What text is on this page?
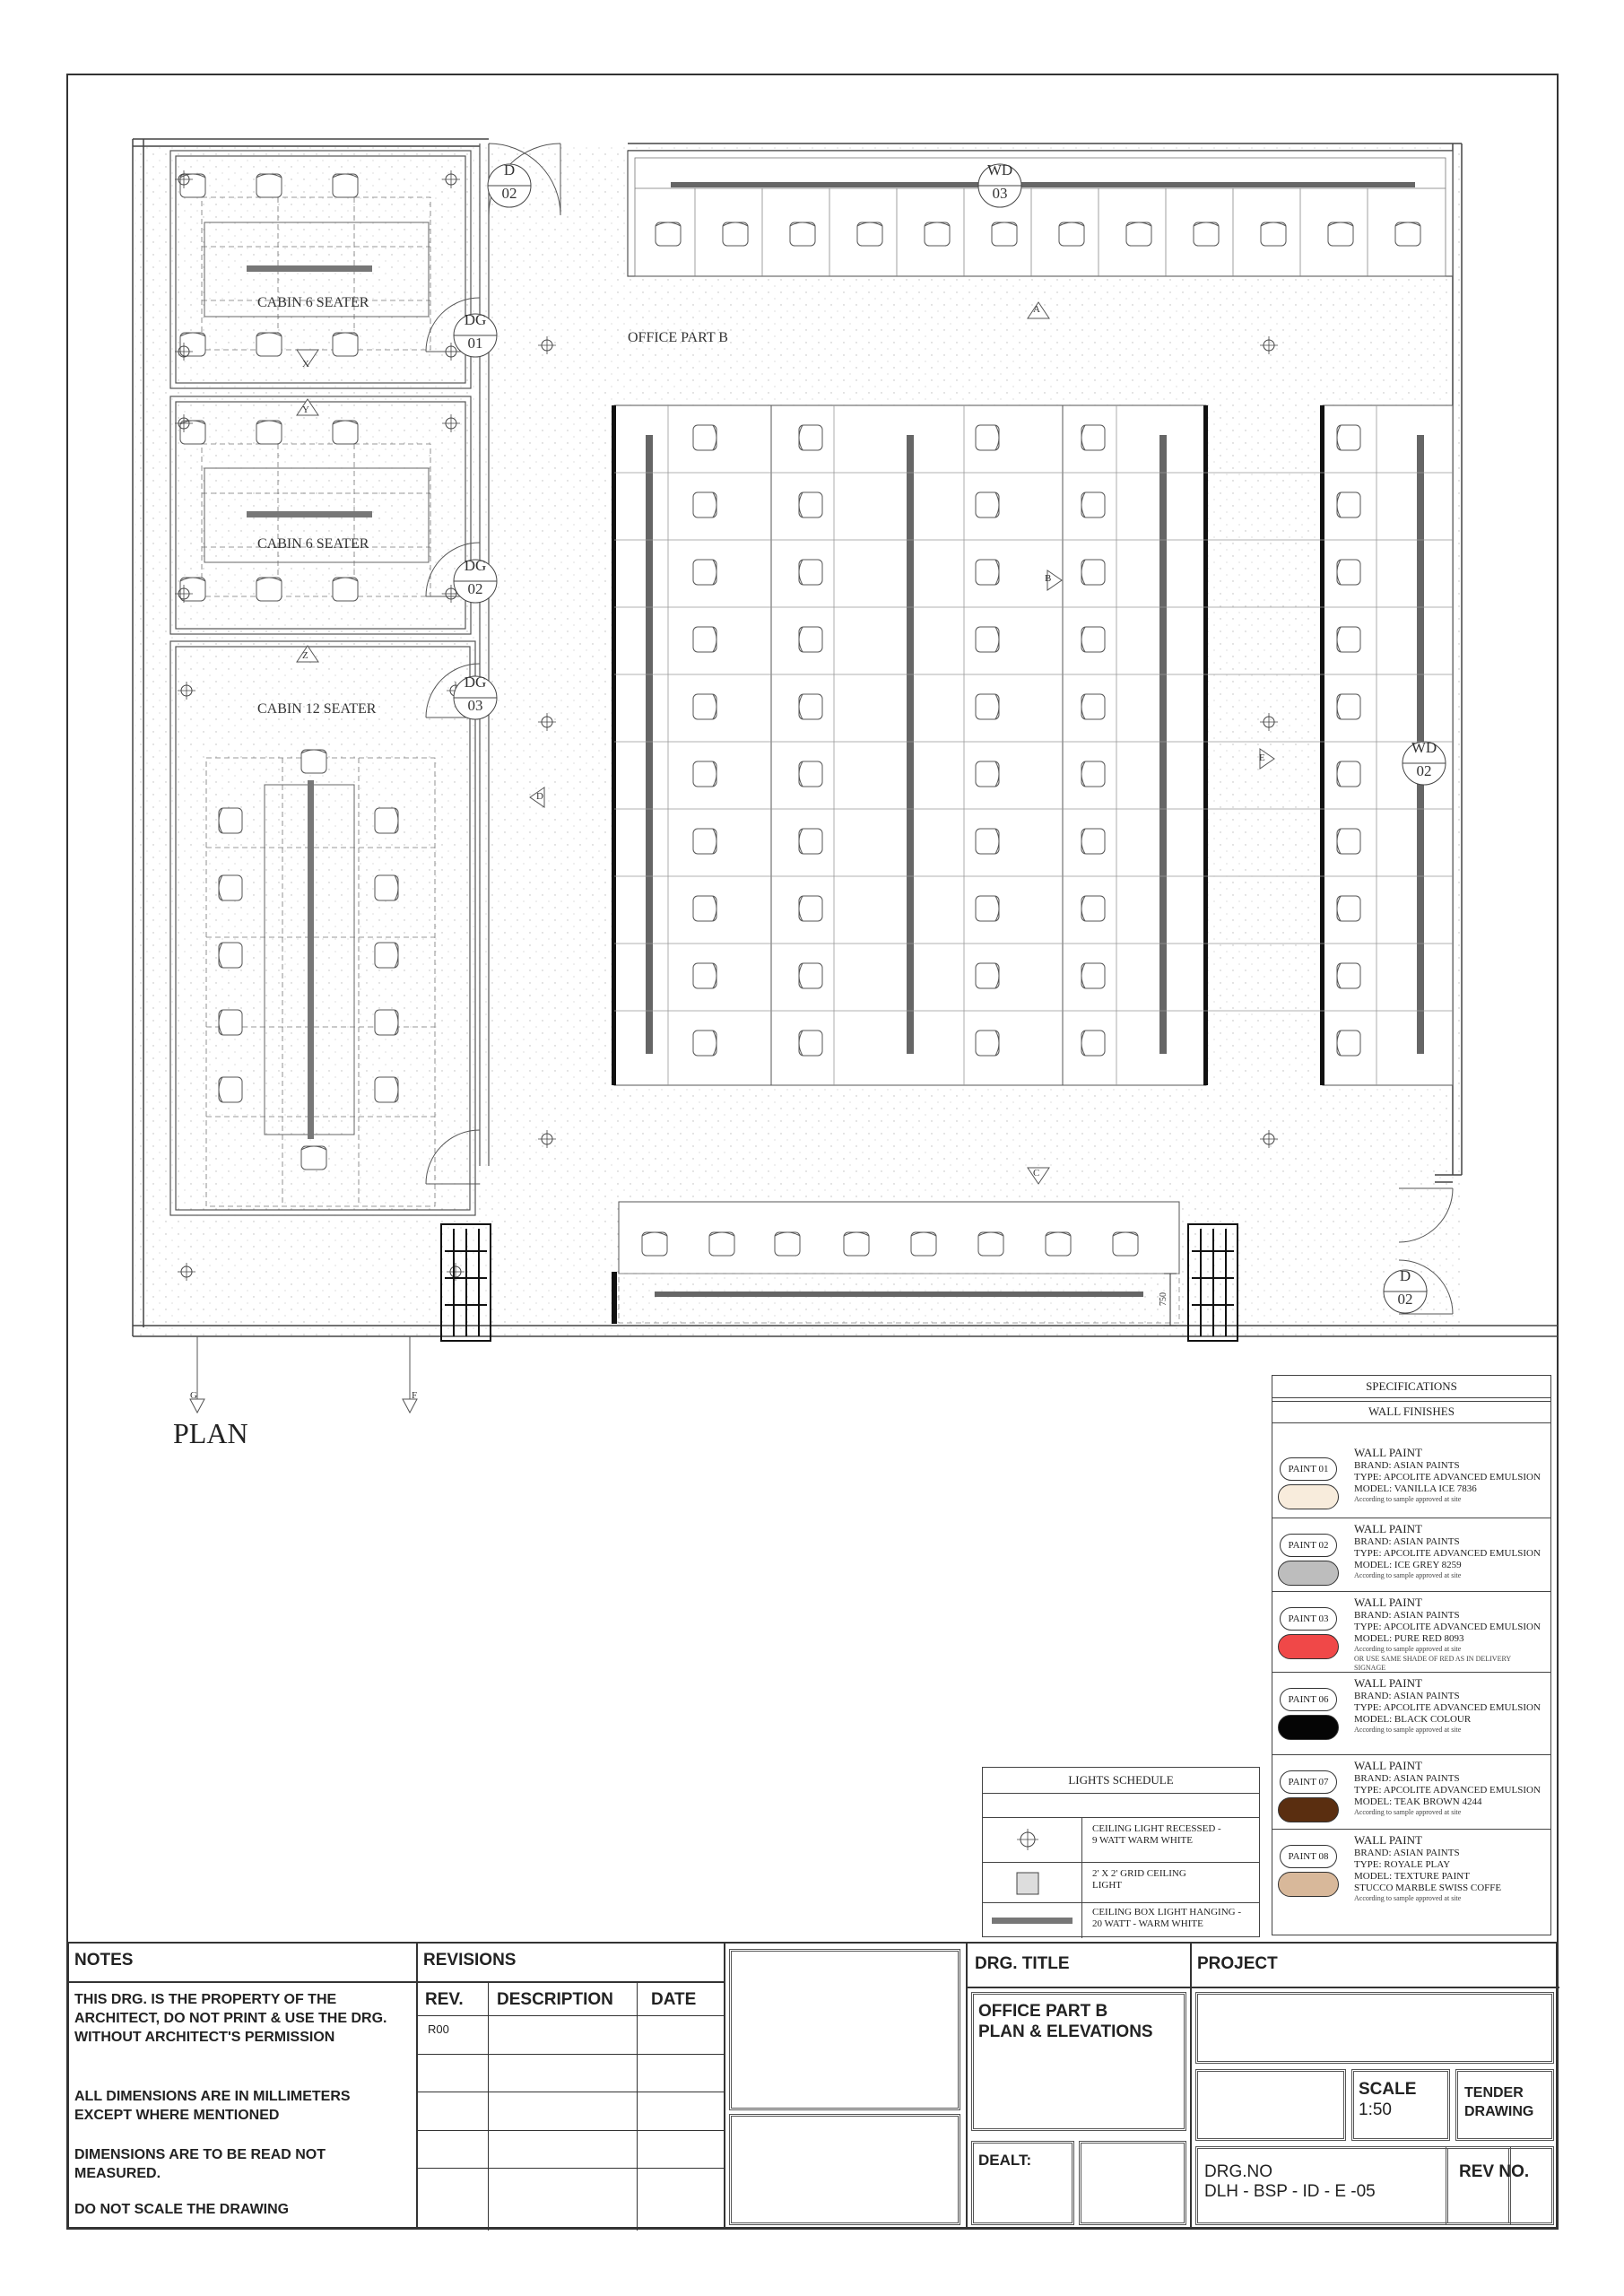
CABIN 6 SEATER
CABIN 6 SEATER
CABIN 12 SEATER
OFFICE PART B
D
02
WD
03
DG
01
DG
02
DG
03
WD
02
D
02
A
B
C
D
E
X
Y
Z
G	F
750
PLAN
SPECIFICATIONS
WALL FINISHES
PAINT 01
WALL PAINT
BRAND: ASIAN PAINTS
TYPE: APCOLITE ADVANCED EMULSION
MODEL: VANILLA ICE 7836
According to sample approved at site
PAINT 02
WALL PAINT
BRAND: ASIAN PAINTS
TYPE: APCOLITE ADVANCED EMULSION
MODEL: ICE GREY 8259
According to sample approved at site
PAINT 03
WALL PAINT
BRAND: ASIAN PAINTS
TYPE: APCOLITE ADVANCED EMULSION
MODEL: PURE RED 8093
According to sample approved at site
OR USE SAME SHADE OF RED AS IN DELIVERY SIGNAGE
PAINT 06
WALL PAINT
BRAND: ASIAN PAINTS
TYPE: APCOLITE ADVANCED EMULSION
MODEL: BLACK COLOUR
According to sample approved at site
PAINT 07
WALL PAINT
BRAND: ASIAN PAINTS
TYPE: APCOLITE ADVANCED EMULSION
MODEL: TEAK BROWN 4244
According to sample approved at site
PAINT 08
WALL PAINT
BRAND: ASIAN PAINTS
TYPE: ROYALE PLAY
MODEL: TEXTURE PAINT
STUCCO MARBLE SWISS COFFE
According to sample approved at site
LIGHTS SCHEDULE
CEILING LIGHT RECESSED -
9 WATT WARM WHITE
2' X 2' GRID CEILING
LIGHT
CEILING BOX LIGHT HANGING -
20 WATT - WARM WHITE
NOTES
THIS DRG. IS THE PROPERTY OF THE ARCHITECT, DO NOT PRINT & USE THE DRG. WITHOUT ARCHITECT'S PERMISSION
ALL DIMENSIONS ARE IN MILLIMETERS EXCEPT WHERE MENTIONED
DIMENSIONS ARE TO BE READ NOT MEASURED.
DO NOT SCALE THE DRAWING
REVISIONS
REV. DESCRIPTION DATE
R00
DRG. TITLE
OFFICE PART B PLAN & ELEVATIONS
DEALT:
PROJECT
SCALE
1:50
TENDER DRAWING
DRG.NO
DLH - BSP - ID - E -05
REV NO.
